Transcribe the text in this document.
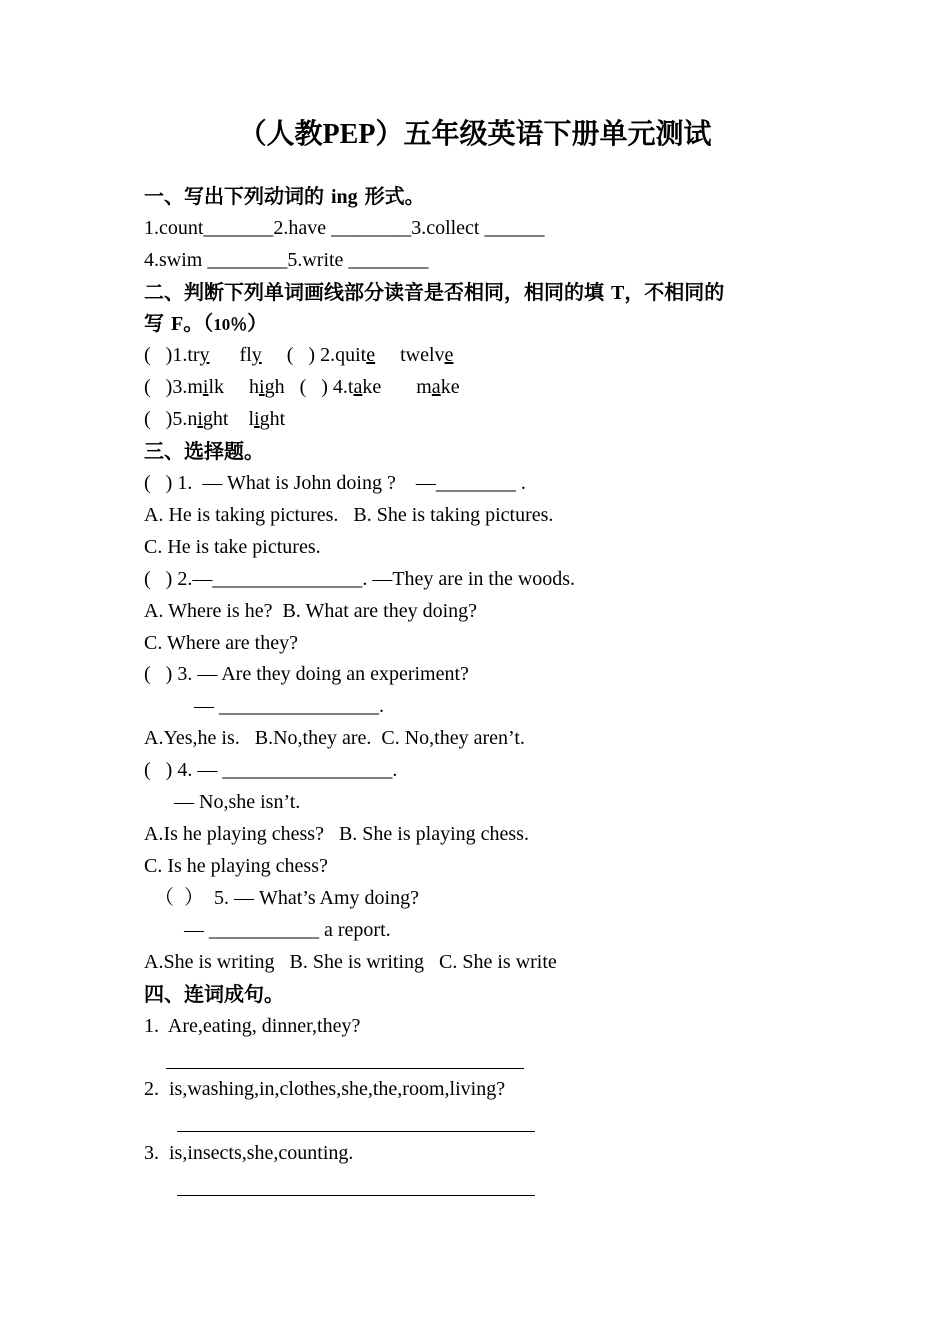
（人教PEP）五年级英语下册单元测试
一、写出下列动词的 ing 形式。
1.count_______2.have ________3.collect ______
4.swim ________5.write ________
二、判断下列单词画线部分读音是否相同，相同的填 T，不相同的
写 F。（10％）
(   )1.try      fly     (   ) 2.quite     twelve
(   )3.milk     high   (   ) 4.take       make
(   )5.night    light
三、选择题。
(   ) 1.  — What is John doing ?    —________ .
A. He is taking pictures.   B. She is taking pictures.
C. He is take pictures.
(   ) 2.—_______________. —They are in the woods.
A. Where is he?  B. What are they doing?
C. Where are they?
(   ) 3. — Are they doing an experiment?
— ________________.
A.Yes,he is.   B.No,they are.  C. No,they aren’t.
(   ) 4. — _________________.
— No,she isn’t.
A.Is he playing chess?   B. She is playing chess.
C. Is he playing chess?
（  ）  5. — What’s Amy doing?
— ___________ a report.
A.She is writing   B. She is writing   C. She is write
四、连词成句。
1.  Are,eating, dinner,they?
2.  is,washing,in,clothes,she,the,room,living?
3.  is,insects,she,counting.
